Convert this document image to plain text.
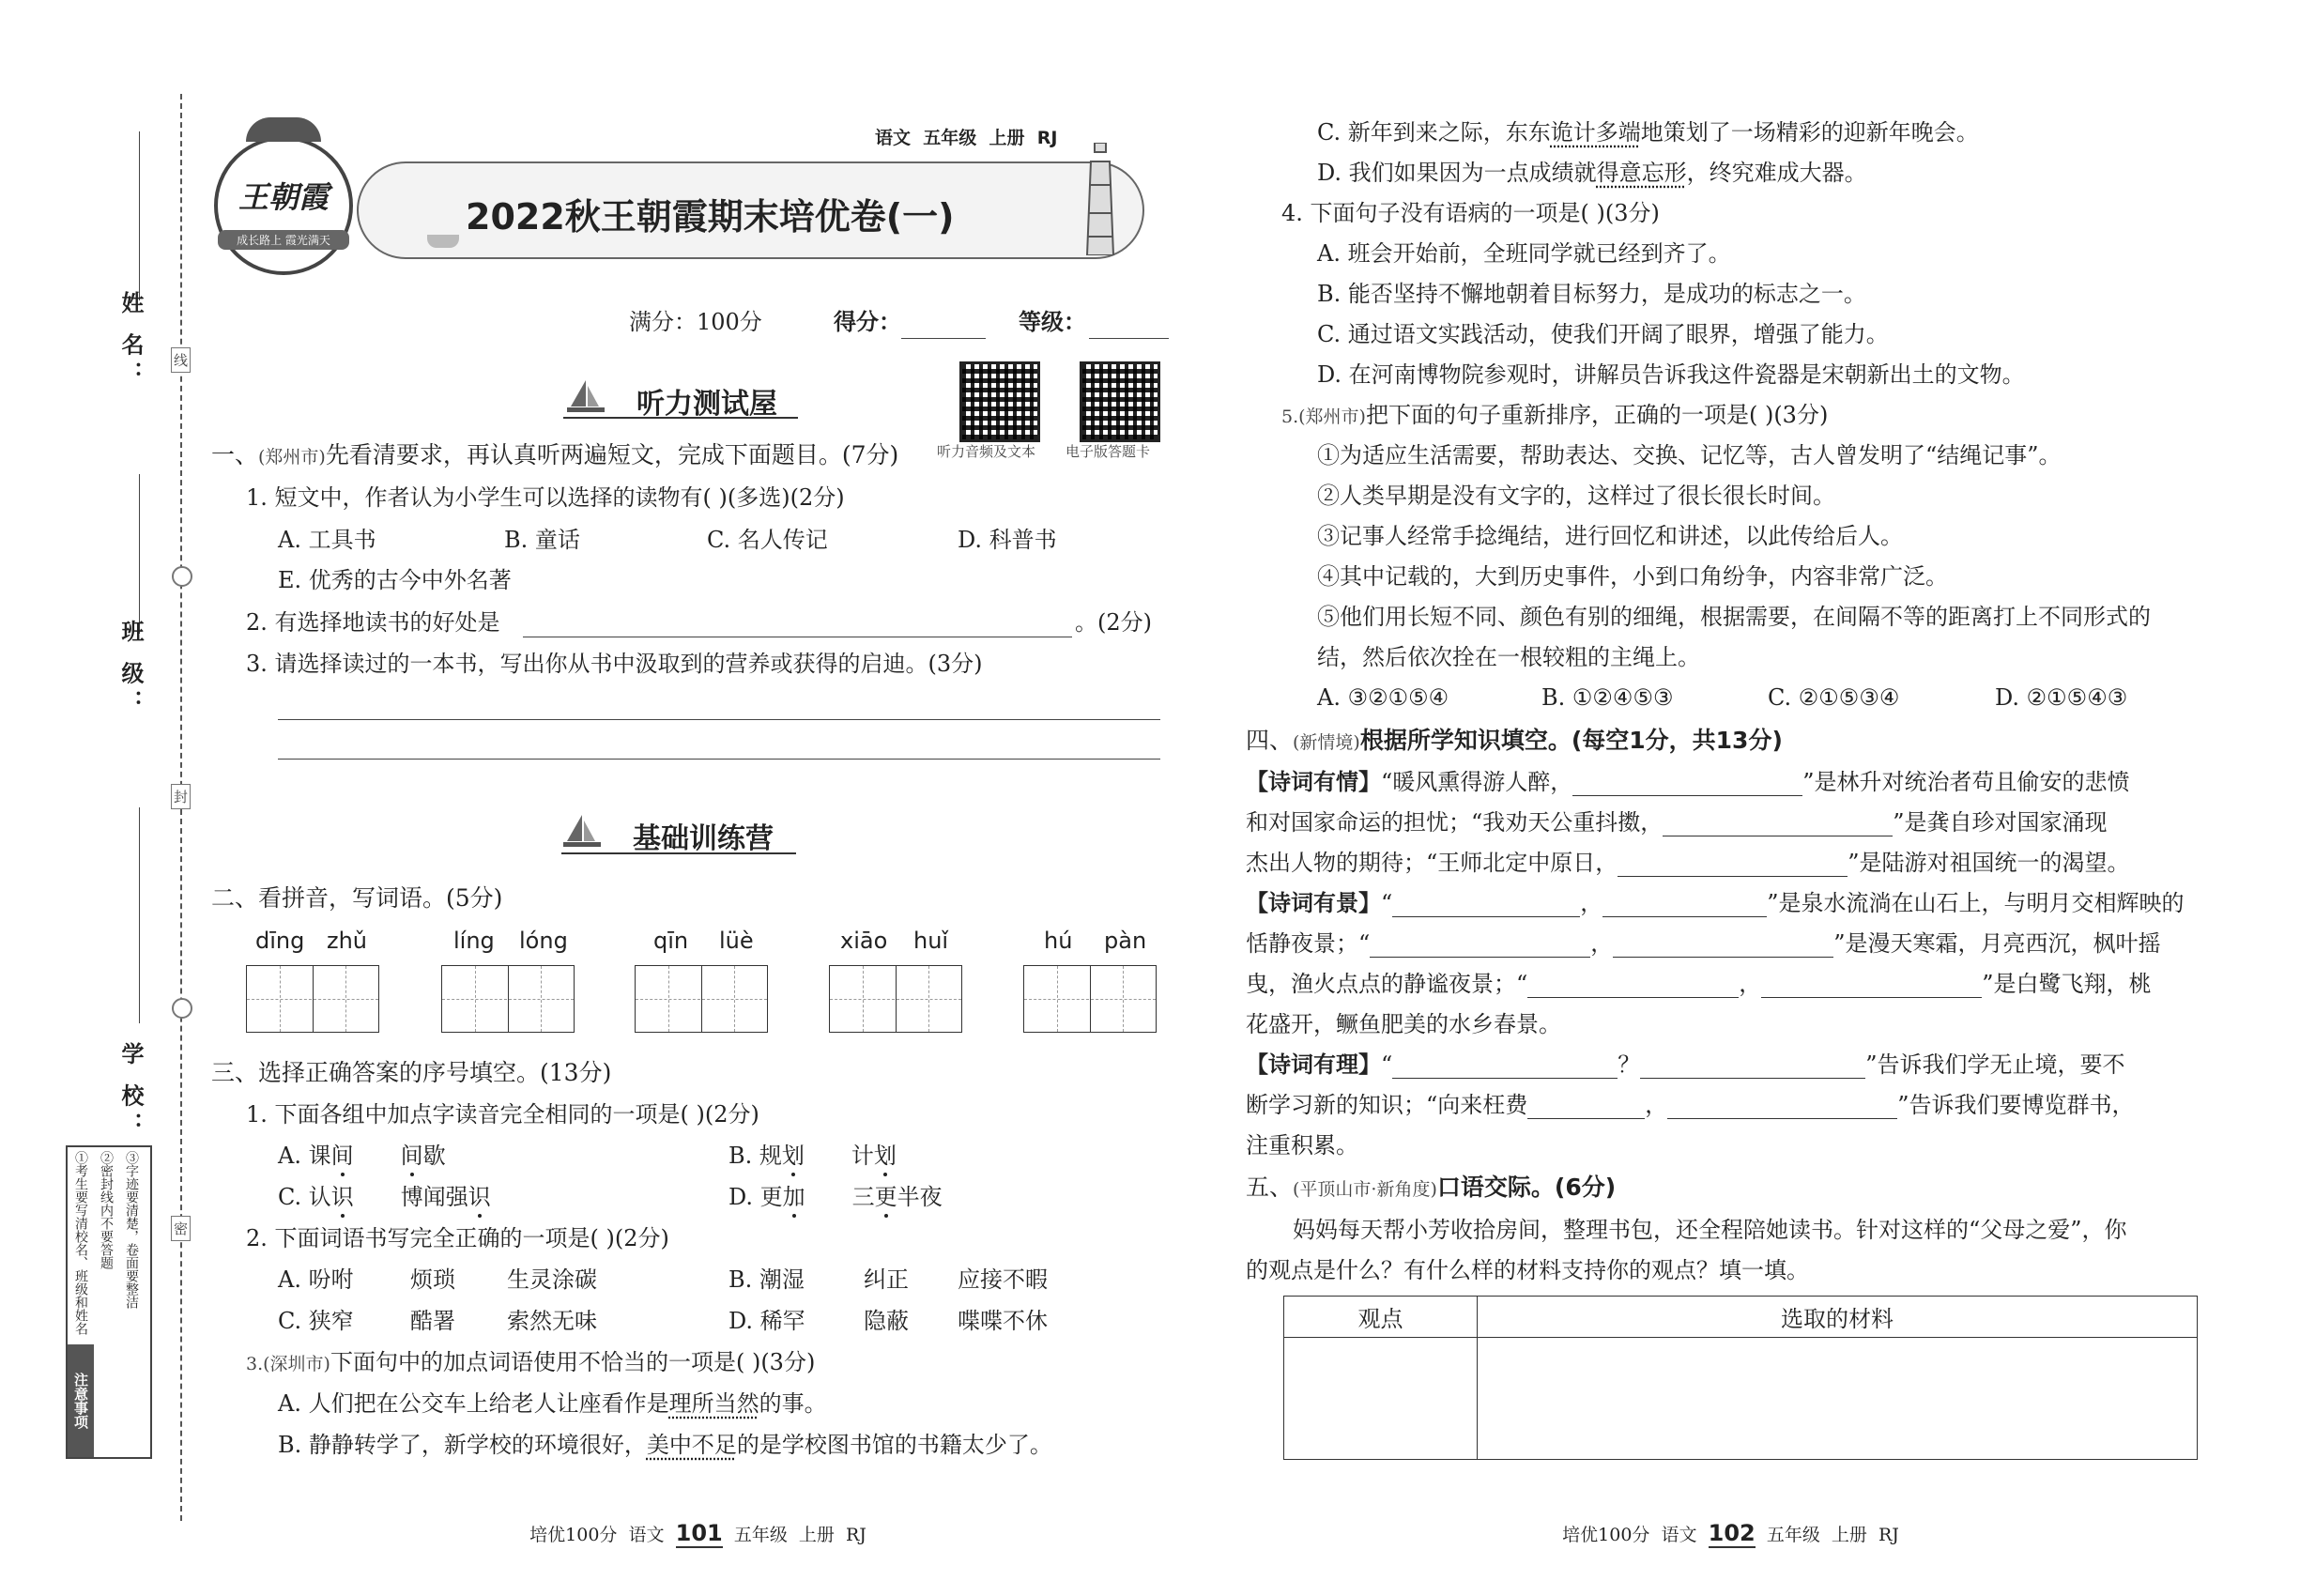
姓 名：
班 级：
学 校：
线
封
密
注意事项
①考生要写清校名、班级和姓名 ②密封线内不要答题 ③字迹要清楚，卷面要整洁
王朝霞
成长路上 霞光满天
语文  五年级  上册  RJ
2022秋王朝霞期末培优卷(一)
满分：100分	得分：	等级：
听力音频及文本 电子版答题卡
听力测试屋
一、(郑州市)先看清要求，再认真听两遍短文，完成下面题目。(7分)
1. 短文中，作者认为小学生可以选择的读物有( )(多选)(2分)
A. 工具书	B. 童话	C. 名人传记	D. 科普书
E. 优秀的古今中外名著
2. 有选择地读书的好处是	。(2分)
3. 请选择读过的一本书，写出你从书中汲取到的营养或获得的启迪。(3分)
基础训练营
二、看拼音，写词语。(5分)
dīng zhǔ	líng lóng	qīn lüè	xiāo huǐ	hú pàn
三、选择正确答案的序号填空。(13分)
1. 下面各组中加点字读音完全相同的一项是( )(2分)
A. 课间 间歇	B. 规划 计划
C. 认识 博闻强识	D. 更加 三更半夜
2. 下面词语书写完全正确的一项是( )(2分)
A. 吩咐	烦琐 生灵涂碳	B. 潮湿	纠正 应接不暇
C. 狭窄	酷署 索然无味	D. 稀罕	隐蔽 喋喋不休
3.(深圳市)下面句中的加点词语使用不恰当的一项是( )(3分)
A. 人们把在公交车上给老人让座看作是理所当然的事。
B. 静静转学了，新学校的环境很好，美中不足的是学校图书馆的书籍太少了。

培优100分  语文 101 五年级  上册  RJ

C. 新年到来之际，东东诡计多端地策划了一场精彩的迎新年晚会。
D. 我们如果因为一点成绩就得意忘形，终究难成大器。
4. 下面句子没有语病的一项是( )(3分)
A. 班会开始前，全班同学就已经到齐了。
B. 能否坚持不懈地朝着目标努力，是成功的标志之一。
C. 通过语文实践活动，使我们开阔了眼界，增强了能力。
D. 在河南博物院参观时，讲解员告诉我这件瓷器是宋朝新出土的文物。
5.(郑州市)把下面的句子重新排序，正确的一项是( )(3分)
①为适应生活需要，帮助表达、交换、记忆等，古人曾发明了“结绳记事”。
②人类早期是没有文字的，这样过了很长很长时间。
③记事人经常手捻绳结，进行回忆和讲述，以此传给后人。
④其中记载的，大到历史事件，小到口角纷争，内容非常广泛。
⑤他们用长短不同、颜色有别的细绳，根据需要，在间隔不等的距离打上不同形式的
结，然后依次拴在一根较粗的主绳上。
A. ③②①⑤④	B. ①②④⑤③	C. ②①⑤③④	D. ②①⑤④③
四、(新情境)根据所学知识填空。(每空1分，共13分)
【诗词有情】“暖风熏得游人醉，	”是林升对统治者苟且偷安的悲愤
和对国家命运的担忧；“我劝天公重抖擞，	”是龚自珍对国家涌现
杰出人物的期待；“王师北定中原日，	”是陆游对祖国统一的渴望。
【诗词有景】“	，	”是泉水流淌在山石上，与明月交相辉映的
恬静夜景；“	，	”是漫天寒霜，月亮西沉，枫叶摇
曳，渔火点点的静谧夜景；“	，	”是白鹭飞翔，桃
花盛开，鳜鱼肥美的水乡春景。
【诗词有理】“	？	”告诉我们学无止境，要不
断学习新的知识；“向来枉费	，	”告诉我们要博览群书，
注重积累。
五、(平顶山市·新角度)口语交际。(6分)
妈妈每天帮小芳收拾房间，整理书包，还全程陪她读书。针对这样的“父母之爱”，你
的观点是什么？有什么样的材料支持你的观点？填一填。
观点	选取的材料

培优100分  语文 102 五年级  上册  RJ
